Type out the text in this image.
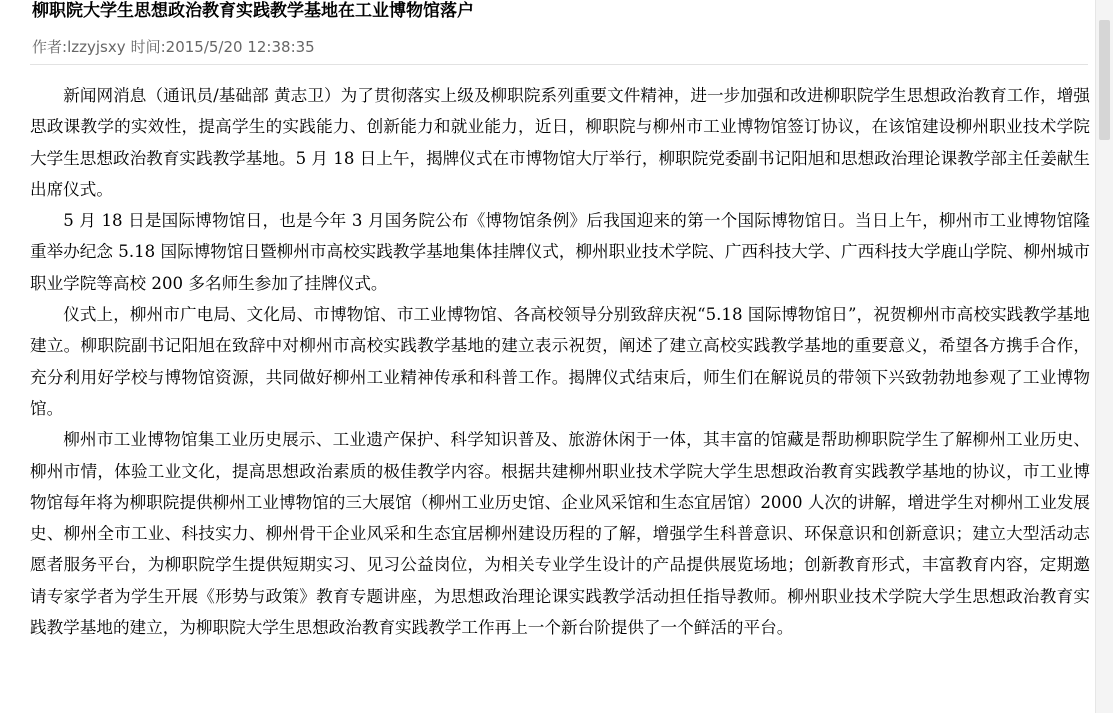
柳职院大学生思想政治教育实践教学基地在工业博物馆落户
作者:lzzyjsxy 时间:2015/5/20 12:38:35

新闻网消息（通讯员/基础部 黄志卫）为了贯彻落实上级及柳职院系列重要文件精神，进一步加强和改进柳职院学生思想政治教育工作，增强思政课教学的实效性，提高学生的实践能力、创新能力和就业能力，近日，柳职院与柳州市工业博物馆签订协议，在该馆建设柳州职业技术学院大学生思想政治教育实践教学基地。5 月 18 日上午，揭牌仪式在市博物馆大厅举行，柳职院党委副书记阳旭和思想政治理论课教学部主任姜献生出席仪式。

5 月 18 日是国际博物馆日，也是今年 3 月国务院公布《博物馆条例》后我国迎来的第一个国际博物馆日。当日上午，柳州市工业博物馆隆重举办纪念 5.18 国际博物馆日暨柳州市高校实践教学基地集体挂牌仪式，柳州职业技术学院、广西科技大学、广西科技大学鹿山学院、柳州城市职业学院等高校 200 多名师生参加了挂牌仪式。

仪式上，柳州市广电局、文化局、市博物馆、市工业博物馆、各高校领导分别致辞庆祝“5.18 国际博物馆日”，祝贺柳州市高校实践教学基地建立。柳职院副书记阳旭在致辞中对柳州市高校实践教学基地的建立表示祝贺，阐述了建立高校实践教学基地的重要意义，希望各方携手合作，充分利用好学校与博物馆资源，共同做好柳州工业精神传承和科普工作。揭牌仪式结束后，师生们在解说员的带领下兴致勃勃地参观了工业博物馆。

柳州市工业博物馆集工业历史展示、工业遗产保护、科学知识普及、旅游休闲于一体，其丰富的馆藏是帮助柳职院学生了解柳州工业历史、柳州市情，体验工业文化，提高思想政治素质的极佳教学内容。根据共建柳州职业技术学院大学生思想政治教育实践教学基地的协议，市工业博物馆每年将为柳职院提供柳州工业博物馆的三大展馆（柳州工业历史馆、企业风采馆和生态宜居馆）2000 人次的讲解，增进学生对柳州工业发展史、柳州全市工业、科技实力、柳州骨干企业风采和生态宜居柳州建设历程的了解，增强学生科普意识、环保意识和创新意识；建立大型活动志愿者服务平台，为柳职院学生提供短期实习、见习公益岗位，为相关专业学生设计的产品提供展览场地；创新教育形式，丰富教育内容，定期邀请专家学者为学生开展《形势与政策》教育专题讲座，为思想政治理论课实践教学活动担任指导教师。柳州职业技术学院大学生思想政治教育实践教学基地的建立，为柳职院大学生思想政治教育实践教学工作再上一个新台阶提供了一个鲜活的平台。
